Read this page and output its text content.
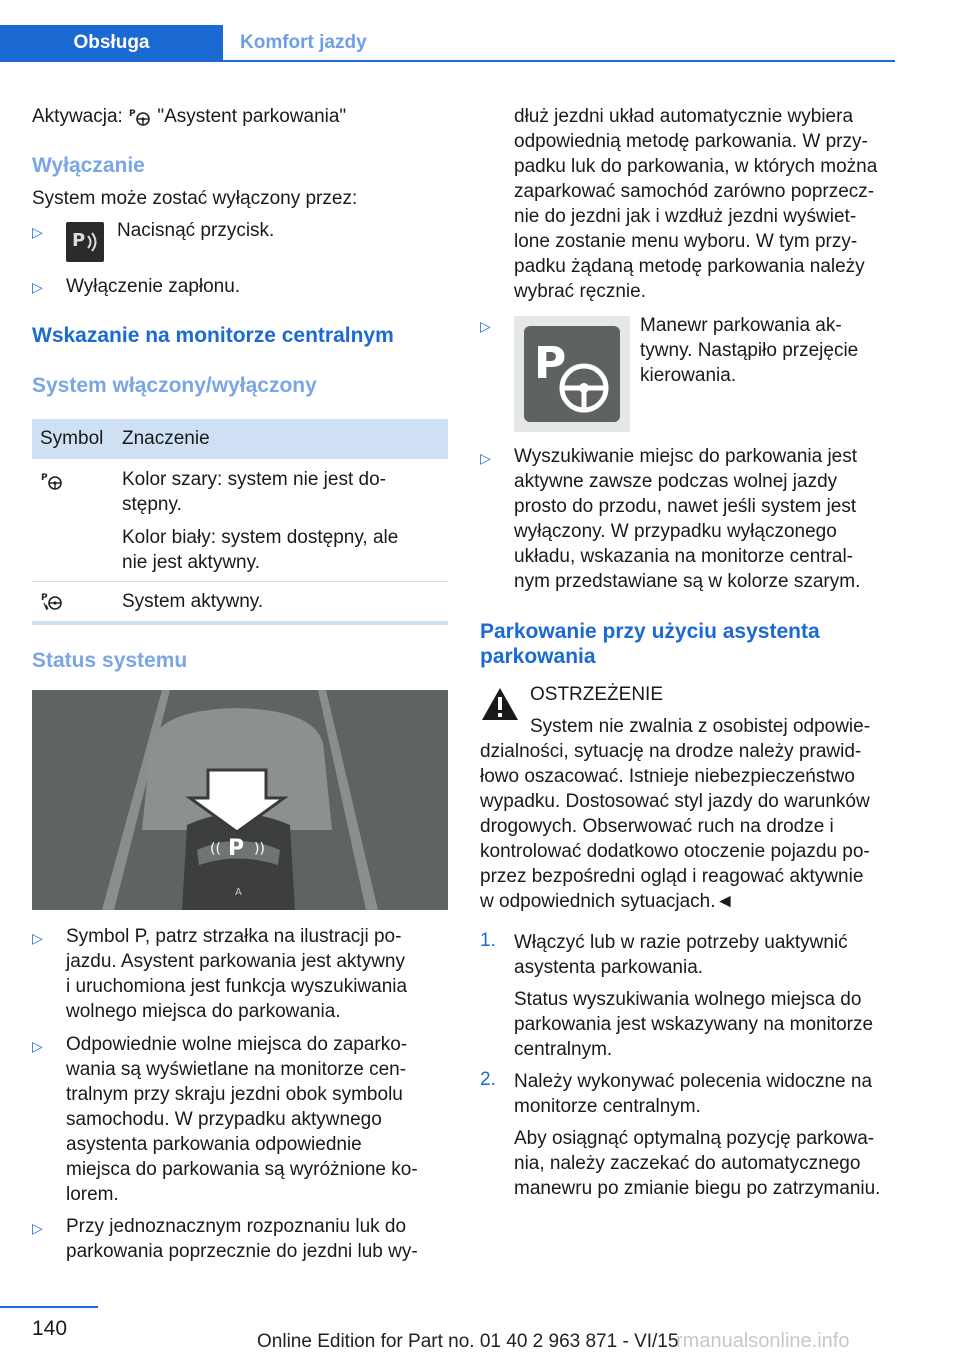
Obsługa	Komfort jazdy

Aktywacja: P "Asystent parkowania"

Wyłączanie

System może zostać wyłączony przez:

▷ P Nacisnąć przycisk.

▷ Wyłączenie zapłonu.

Wskazanie na monitorze centralnym

System włączony/wyłączony

Symbol Znaczenie
P	Kolor szary: system nie jest do-

stępny.

Kolor biały: system dostępny, ale

nie jest aktywny.

P	System aktywny.

Status systemu

P
(( ))
A
▷ Symbol P, patrz strzałka na ilustracji po-

jazdu. Asystent parkowania jest aktywny

i uruchomiona jest funkcja wyszukiwania

wolnego miejsca do parkowania.

▷ Odpowiednie wolne miejsca do zaparko-

wania są wyświetlane na monitorze cen-

tralnym przy skraju jezdni obok symbolu

samochodu. W przypadku aktywnego

asystenta parkowania odpowiednie

miejsca do parkowania są wyróżnione ko-

lorem.

▷ Przy jednoznacznym rozpoznaniu luk do

parkowania poprzecznie do jezdni lub wy-

dłuż jezdni układ automatycznie wybiera

odpowiednią metodę parkowania. W przy-

padku luk do parkowania, w których można

zaparkować samochód zarówno poprzecz-

nie do jezdni jak i wzdłuż jezdni wyświet-

lone zostanie menu wyboru. W tym przy-

padku żądaną metodę parkowania należy

wybrać ręcznie.

▷
P

Manewr parkowania ak-

tywny. Nastąpiło przejęcie

kierowania.

▷ Wyszukiwanie miejsc do parkowania jest

aktywne zawsze podczas wolnej jazdy

prosto do przodu, nawet jeśli system jest

wyłączony. W przypadku wyłączonego

układu, wskazania na monitorze central-

nym przedstawiane są w kolorze szarym.

Parkowanie przy użyciu asystenta

parkowania

OSTRZEŻENIE

System nie zwalnia z osobistej odpowie-

dzialności, sytuację na drodze należy prawid-

łowo oszacować. Istnieje niebezpieczeństwo

wypadku. Dostosować styl jazdy do warunków

drogowych. Obserwować ruch na drodze i

kontrolować dodatkowo otoczenie pojazdu po-

przez bezpośredni ogląd i reagować aktywnie

w odpowiednich sytuacjach.◄

1. Włączyć lub w razie potrzeby uaktywnić

asystenta parkowania.

Status wyszukiwania wolnego miejsca do

parkowania jest wskazywany na monitorze

centralnym.

2. Należy wykonywać polecenia widoczne na

monitorze centralnym.

Aby osiągnąć optymalną pozycję parkowa-

nia, należy zaczekać do automatycznego

manewru po zmianie biegu po zatrzymaniu.

140
Online Edition for Part no. 01 40 2 963 871 - VI/15
rmanualsonline.info
